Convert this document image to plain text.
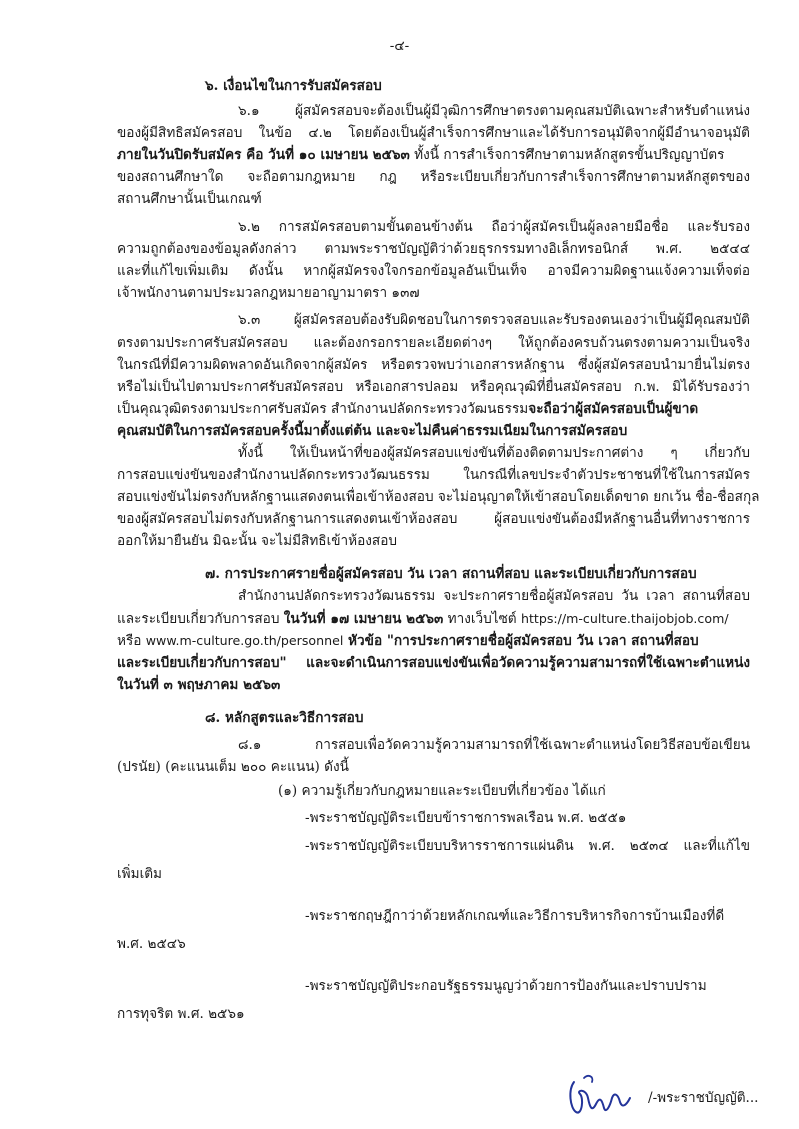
-๔-
๖. เงื่อนไขในการรับสมัครสอบ
๖.๑ ผู้สมัครสอบจะต้องเป็นผู้มีวุฒิการศึกษาตรงตามคุณสมบัติเฉพาะสำหรับตำแหน่ง
ของผู้มีสิทธิสมัครสอบ ในข้อ ๔.๒ โดยต้องเป็นผู้สำเร็จการศึกษาและได้รับการอนุมัติจากผู้มีอำนาจอนุมัติ
ภายในวันปิดรับสมัคร คือ วันที่ ๑๐ เมษายน ๒๕๖๓ ทั้งนี้ การสำเร็จการศึกษาตามหลักสูตรขั้นปริญญาบัตร
ของสถานศึกษาใด จะถือตามกฎหมาย กฎ หรือระเบียบเกี่ยวกับการสำเร็จการศึกษาตามหลักสูตรของ
สถานศึกษานั้นเป็นเกณฑ์
๖.๒ การสมัครสอบตามขั้นตอนข้างต้น ถือว่าผู้สมัครเป็นผู้ลงลายมือชื่อ และรับรอง
ความถูกต้องของข้อมูลดังกล่าว ตามพระราชบัญญัติว่าด้วยธุรกรรมทางอิเล็กทรอนิกส์ พ.ศ. ๒๕๔๔
และที่แก้ไขเพิ่มเติม ดังนั้น หากผู้สมัครจงใจกรอกข้อมูลอันเป็นเท็จ อาจมีความผิดฐานแจ้งความเท็จต่อ
เจ้าพนักงานตามประมวลกฎหมายอาญามาตรา ๑๓๗
๖.๓ ผู้สมัครสอบต้องรับผิดชอบในการตรวจสอบและรับรองตนเองว่าเป็นผู้มีคุณสมบัติ
ตรงตามประกาศรับสมัครสอบ และต้องกรอกรายละเอียดต่างๆ ให้ถูกต้องครบถ้วนตรงตามความเป็นจริง
ในกรณีที่มีความผิดพลาดอันเกิดจากผู้สมัคร หรือตรวจพบว่าเอกสารหลักฐาน ซึ่งผู้สมัครสอบนำมายื่นไม่ตรง
หรือไม่เป็นไปตามประกาศรับสมัครสอบ หรือเอกสารปลอม หรือคุณวุฒิที่ยื่นสมัครสอบ ก.พ. มิได้รับรองว่า
เป็นคุณวุฒิตรงตามประกาศรับสมัคร สำนักงานปลัดกระทรวงวัฒนธรรมจะถือว่าผู้สมัครสอบเป็นผู้ขาด
คุณสมบัติในการสมัครสอบครั้งนี้มาตั้งแต่ต้น และจะไม่คืนค่าธรรมเนียมในการสมัครสอบ
ทั้งนี้ ให้เป็นหน้าที่ของผู้สมัครสอบแข่งขันที่ต้องติดตามประกาศต่าง ๆ เกี่ยวกับ
การสอบแข่งขันของสำนักงานปลัดกระทรวงวัฒนธรรม ในกรณีที่เลขประจำตัวประชาชนที่ใช้ในการสมัคร
สอบแข่งขันไม่ตรงกับหลักฐานแสดงตนเพื่อเข้าห้องสอบ จะไม่อนุญาตให้เข้าสอบโดยเด็ดขาด ยกเว้น ชื่อ-ชื่อสกุล
ของผู้สมัครสอบไม่ตรงกับหลักฐานการแสดงตนเข้าห้องสอบ ผู้สอบแข่งขันต้องมีหลักฐานอื่นที่ทางราชการ
ออกให้มายืนยัน มิฉะนั้น จะไม่มีสิทธิเข้าห้องสอบ
๗. การประกาศรายชื่อผู้สมัครสอบ วัน เวลา สถานที่สอบ และระเบียบเกี่ยวกับการสอบ
สำนักงานปลัดกระทรวงวัฒนธรรม จะประกาศรายชื่อผู้สมัครสอบ วัน เวลา สถานที่สอบ
และระเบียบเกี่ยวกับการสอบ ในวันที่ ๑๗ เมษายน ๒๕๖๓ ทางเว็บไซต์ https://m-culture.thaijobjob.com/
หรือ www.m-culture.go.th/personnel หัวข้อ "การประกาศรายชื่อผู้สมัครสอบ วัน เวลา สถานที่สอบ
และระเบียบเกี่ยวกับการสอบ" และจะดำเนินการสอบแข่งขันเพื่อวัดความรู้ความสามารถที่ใช้เฉพาะตำแหน่ง
ในวันที่ ๓ พฤษภาคม ๒๕๖๓
๘. หลักสูตรและวิธีการสอบ
๘.๑ การสอบเพื่อวัดความรู้ความสามารถที่ใช้เฉพาะตำแหน่งโดยวิธีสอบข้อเขียน
(ปรนัย) (คะแนนเต็ม ๒๐๐ คะแนน) ดังนี้
(๑) ความรู้เกี่ยวกับกฎหมายและระเบียบที่เกี่ยวข้อง ได้แก่
-พระราชบัญญัติระเบียบข้าราชการพลเรือน พ.ศ. ๒๕๕๑
-พระราชบัญญัติระเบียบบริหารราชการแผ่นดิน พ.ศ. ๒๕๓๔ และที่แก้ไข
เพิ่มเติม
-พระราชกฤษฎีกาว่าด้วยหลักเกณฑ์และวิธีการบริหารกิจการบ้านเมืองที่ดี
พ.ศ. ๒๕๔๖
-พระราชบัญญัติประกอบรัฐธรรมนูญว่าด้วยการป้องกันและปราบปราม
การทุจริต พ.ศ. ๒๕๖๑
/-พระราชบัญญัติ...
